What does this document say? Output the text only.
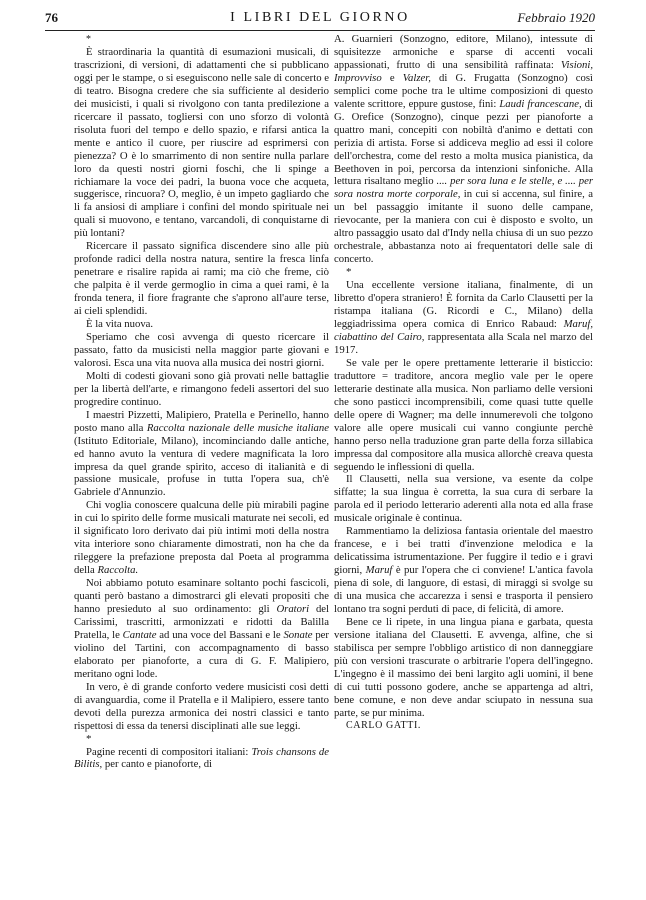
76	I LIBRI DEL GIORNO	Febbraio 1920

*

È straordinaria la quantità di esumazioni musicali, di trascrizioni, di versioni, di adattamenti che si pubblicano oggi per le stampe, o si eseguiscono nelle sale di concerto e di teatro. Bisogna credere che sia sufficiente al desiderio dei musicisti, i quali si rivolgono con tanta predilezione a ricercare il passato, togliersi con uno sforzo di volontà risoluta fuori del tempo e dello spazio, e rifarsi antica la mente e antico il cuore, per riuscire ad esprimersi con pienezza? O è lo smarrimento di non sentire nulla parlare loro da questi nostri giorni foschi, che li spinge a richiamare la voce dei padri, la buona voce che acqueta, suggerisce, rincuora? O, meglio, è un impeto gagliardo che li fa ansiosi di ampliare i confini del mondo spirituale nei quali si muovono, e tentano, varcandoli, di conquistarne di più lontani?

Ricercare il passato significa discendere sino alle più profonde radici della nostra natura, sentire la fresca linfa penetrare e risalire rapida ai rami; ma ciò che freme, ciò che palpita è il verde germoglio in cima a quei rami, è la fronda tenera, il fiore fragrante che s'aprono all'aure terse, ai cieli splendidi.

È la vita nuova.

Speriamo che così avvenga di questo ricercare il passato, fatto da musicisti nella maggior parte giovani e valorosi. Esca una vita nuova alla musica dei nostri giorni.

Molti di codesti giovani sono già provati nelle battaglie per la libertà dell'arte, e rimangono fedeli assertori del suo progredire continuo.

I maestri Pizzetti, Malipiero, Pratella e Perinello, hanno posto mano alla Raccolta nazionale delle musiche italiane (Istituto Editoriale, Milano), incominciando dalle antiche, ed hanno avuto la ventura di vedere magnificata la loro impresa da quel grande spirito, acceso di italianità e di passione musicale, profuse in tutta l'opera sua, ch'è Gabriele d'Annunzio.

Chi voglia conoscere qualcuna delle più mirabili pagine in cui lo spirito delle forme musicali maturate nei secoli, ed il significato loro derivato dai più intimi moti della nostra vita interiore sono chiaramente dimostrati, non ha che da rileggere la prefazione preposta dal Poeta al programma della Raccolta.

Noi abbiamo potuto esaminare soltanto pochi fascicoli, quanti però bastano a dimostrarci gli elevati propositi che hanno presieduto al suo ordinamento: gli Oratori del Carissimi, trascritti, armonizzati e ridotti da Balilla Pratella, le Cantate ad una voce del Bassani e le Sonate per violino del Tartini, con accompagnamento di basso elaborato per pianoforte, a cura di G. F. Malipiero, meritano ogni lode.

In vero, è di grande conforto vedere musicisti così detti di avanguardia, come il Pratella e il Malipiero, essere tanto devoti della purezza armonica dei nostri classici e tanto rispettosi di essa da tenersi disciplinati alle sue leggi.

*

Pagine recenti di compositori italiani: Trois chansons de Bilitis, per canto e pianoforte, di

A. Guarnieri (Sonzogno, editore, Milano), intessute di squisitezze armoniche e sparse di accenti vocali appassionati, frutto di una sensibilità raffinata: Visioni, Improvviso e Valzer, di G. Frugatta (Sonzogno) così semplici come poche tra le ultime composizioni di questo valente scrittore, eppure gustose, fini: Laudi francescane, di G. Orefice (Sonzogno), cinque pezzi per pianoforte a quattro mani, concepiti con nobiltà d'animo e dettati con perizia di artista. Forse si addiceva meglio ad essi il colore dell'orchestra, come del resto a molta musica pianistica, da Beethoven in poi, percorsa da intenzioni sinfoniche. Alla lettura risaltano meglio .... per sora luna e le stelle, e .... per sora nostra morte corporale, in cui si accenna, sul finire, a un bel passaggio imitante il suono delle campane, rievocante, per la maniera con cui è disposto e svolto, un altro passaggio usato dal d'Indy nella chiusa di un suo pezzo orchestrale, abbastanza noto ai frequentatori delle sale di concerto.

*

Una eccellente versione italiana, finalmente, di un libretto d'opera straniero! È fornita da Carlo Clausetti per la ristampa italiana (G. Ricordi e C., Milano) della leggiadrissima opera comica di Enrico Rabaud: Maruf, ciabattino del Cairo, rappresentata alla Scala nel marzo del 1917.

Se vale per le opere prettamente letterarie il bisticcio: traduttore = traditore, ancora meglio vale per le opere letterarie destinate alla musica. Non parliamo delle versioni che sono pasticci incomprensibili, come quasi tutte quelle delle opere di Wagner; ma delle innumerevoli che tolgono valore alle opere musicali cui vanno congiunte perchè hanno perso nella traduzione gran parte della forza sillabica impressa dal compositore alla musica allorchè creava questa seguendo le inflessioni di quella.

Il Clausetti, nella sua versione, va esente da colpe siffatte; la sua lingua è corretta, la sua cura di serbare la parola ed il periodo letterario aderenti alla nota ed alla frase musicale originale è continua.

Rammentiamo la deliziosa fantasia orientale del maestro francese, e i bei tratti d'invenzione melodica e la delicatissima istrumentazione. Per fuggire il tedio e i gravi giorni, Maruf è pur l'opera che ci conviene! L'antica favola piena di sole, di languore, di estasi, di miraggi si svolge su di una musica che accarezza i sensi e trasporta il pensiero lontano tra sogni perduti di pace, di felicità, di amore.

Bene ce li ripete, in una lingua piana e garbata, questa versione italiana del Clausetti. E avvenga, alfine, che si stabilisca per sempre l'obbligo artistico di non danneggiare più con versioni trascurate o arbitrarie l'opera dell'ingegno. L'ingegno è il massimo dei beni largito agli uomini, il bene di cui tutti possono godere, anche se appartenga ad altri, bene comune, e non deve andar sciupato in nessuna sua parte, se pur minima.

CARLO GATTI.
